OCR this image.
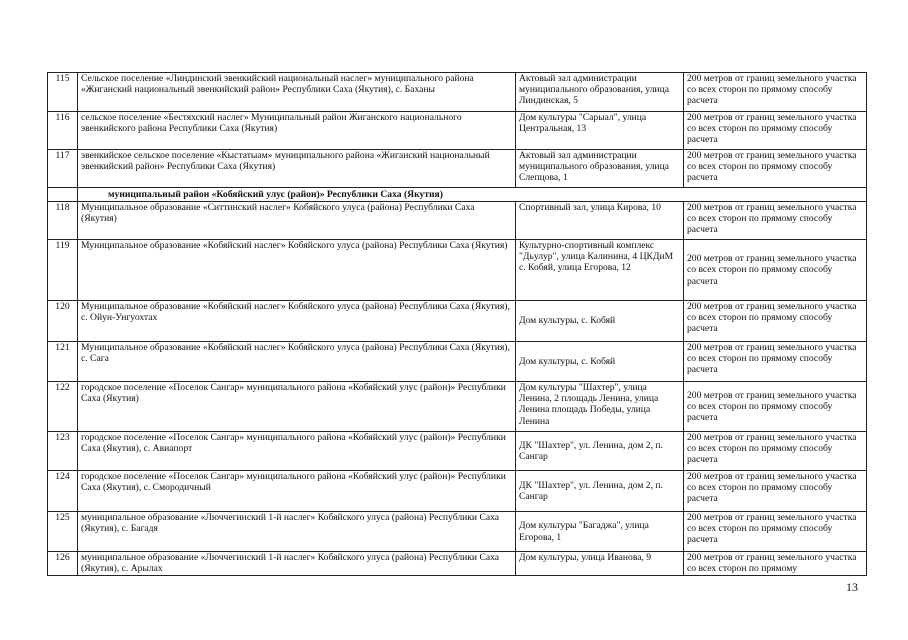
115	Сельское поселение «Линдинский эвенкийский национальный наслег» муниципального района «Жиганский национальный эвенкийский район» Республики Саха (Якутия), с. Баханы	Актовый зал администрации муниципального образования, улица Линдинская, 5	200 метров от границ земельного участка со всех сторон по прямому способу расчета
116	сельское поселение «Бестяхский наслег» Муниципальный район Жиганского национального эвенкийского района Республики Саха (Якутия)	Дом культуры "Сарыал", улица Центральная, 13	200 метров от границ земельного участка со всех сторон по прямому способу расчета
117	эвенкийское сельское поселение «Кыстатыам» муниципального района «Жиганский национальный эвенкийский район» Республики Саха (Якутия)	Актовый зал администрации муниципального образования, улица Слепцова, 1	200 метров от границ земельного участка со всех сторон по прямому способу расчета
	муниципальный район «Кобяйский улус (район)» Республики Саха (Якутия)		
118	Муниципальное образование «Ситтинский наслег» Кобяйского улуса (района) Республики Саха (Якутия)	Спортивный зал, улица Кирова, 10	200 метров от границ земельного участка со всех сторон по прямому способу расчета
119	Муниципальное образование «Кобяйский наслег» Кобяйского улуса (района) Республики Саха (Якутия)	Культурно-спортивный комплекс "Дьулур", улица Калинина, 4 ЦКДиМ с. Кобяй, улица Егорова, 12	200 метров от границ земельного участка со всех сторон по прямому способу расчета
120	Муниципальное образование «Кобяйский наслег» Кобяйского улуса (района) Республики Саха (Якутия), с. Ойун-Унгуохтах	Дом культуры, с. Кобяй	200 метров от границ земельного участка со всех сторон по прямому способу расчета
121	Муниципальное образование «Кобяйский наслег» Кобяйского улуса (района) Республики Саха (Якутия), с. Сага	Дом культуры, с. Кобяй	200 метров от границ земельного участка со всех сторон по прямому способу расчета
122	городское поселение «Поселок Сангар» муниципального района «Кобяйский улус (район)» Республики Саха (Якутия)	Дом культуры "Шахтер", улица Ленина, 2 площадь Ленина, улица Ленина площадь Победы, улица Ленина	200 метров от границ земельного участка со всех сторон по прямому способу расчета
123	городское поселение «Поселок Сангар» муниципального района «Кобяйский улус (район)» Республики Саха (Якутия), с. Авиапорт	ДК "Шахтер", ул. Ленина, дом 2, п. Сангар	200 метров от границ земельного участка со всех сторон по прямому способу расчета
124	городское поселение «Поселок Сангар» муниципального района «Кобяйский улус (район)» Республики Саха (Якутия), с. Смородичный	ДК "Шахтер", ул. Ленина, дом 2, п. Сангар	200 метров от границ земельного участка со всех сторон по прямому способу расчета
125	муниципальное образование «Люччегинский 1-й наслег» Кобяйского улуса (района) Республики Саха (Якутия), с. Багадя	Дом культуры "Багаджа", улица Егорова, 1	200 метров от границ земельного участка со всех сторон по прямому способу расчета
126	муниципальное образование «Люччегинский 1-й наслег» Кобяйского улуса (района) Республики Саха (Якутия), с. Арылах	Дом культуры, улица Иванова, 9	200 метров от границ земельного участка со всех сторон по прямому
13
